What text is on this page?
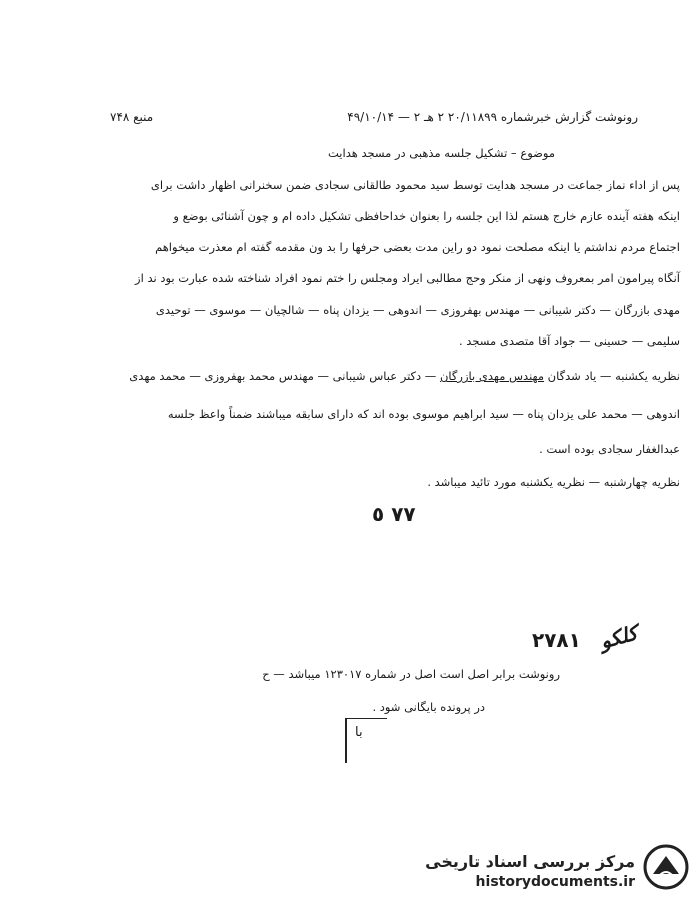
رونوشت گزارش خبرشماره ۲۰/۱۱۸۹۹ ۲ هـ ۲ — ۴۹/۱۰/۱۴
منبع ۷۴۸
موضوع – تشکیل جلسه مذهبی در مسجد هدایت
پس از اداء نماز جماعت در مسجد هدایت توسط سید محمود طالقانی سجادی ضمن سخنرانی اظهار داشت برای
اینکه هفته آینده عازم خارج هستم لذا این جلسه را بعنوان خداحافظی تشکیل داده ام و چون آشنائی بوضع و
اجتماع مردم نداشتم یا اینکه مصلحت نمود دو راین مدت بعضی حرفها را بد ون مقدمه گفته ام معذرت میخواهم
آنگاه پیرامون امر بمعروف ونهی از منکر وحج مطالبی ایراد ومجلس را ختم نمود افراد شناخته شده عبارت بود ند از
مهدی بازرگان — دکتر شیبانی — مهندس بهفروزی — اندوهی — یزدان پناه — شالچیان — موسوی — توحیدی
سلیمی — حسینی — جواد آقا متصدی مسجد .
نظریه یکشنبه — یاد شدگان مهندس مهدی بازرگان — دکتر عباس شیبانی — مهندس محمد بهفروزی — محمد مهدی
اندوهی — محمد علی یزدان پناه — سید ابراهیم موسوی بوده اند که دارای سابقه میباشند ضمناً واعظ جلسه
عبدالغفار سجادی بوده است .
نظریه چهارشنبه — نظریه یکشنبه مورد تائید میباشد .
٧٧ ٥
۲۷۸۱ کلکو
رونوشت برابر اصل است اصل در شماره ۱۲۳۰۱۷ میباشد — ح
در پرونده بایگانی شود .
با
مرکز بررسی اسناد تاریخی
historydocuments.ir
